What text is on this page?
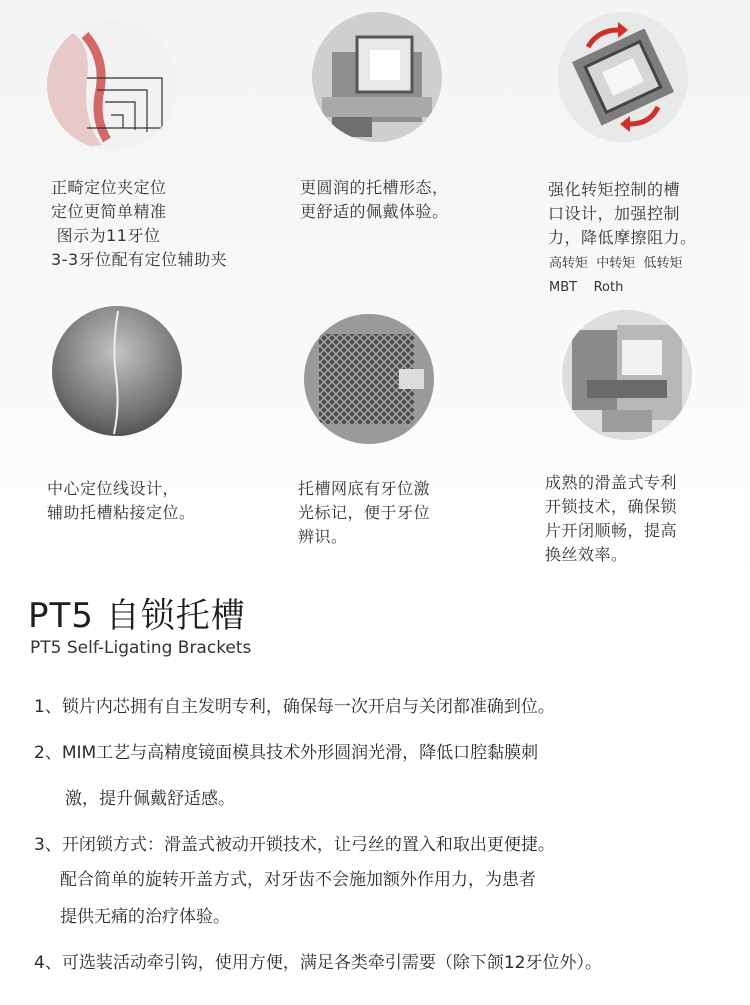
正畸定位夹定位
定位更简单精准
图示为11牙位
3-3牙位配有定位辅助夹
更圆润的托槽形态，
更舒适的佩戴体验。
强化转矩控制的槽
口设计，加强控制
力，降低摩擦阻力。
高转矩  中转矩  低转矩
MBT    Roth
中心定位线设计，
辅助托槽粘接定位。
托槽网底有牙位激
光标记，便于牙位
辨识。
成熟的滑盖式专利
开锁技术，确保锁
片开闭顺畅，提高
换丝效率。
PT5 自锁托槽
PT5 Self-Ligating Brackets
1、锁片内芯拥有自主发明专利，确保每一次开启与关闭都准确到位。
2、MIM工艺与高精度镜面模具技术外形圆润光滑，降低口腔黏膜刺
激，提升佩戴舒适感。
3、开闭锁方式：滑盖式被动开锁技术，让弓丝的置入和取出更便捷。
配合简单的旋转开盖方式，对牙齿不会施加额外作用力，为患者
提供无痛的治疗体验。
4、可选装活动牵引钩，使用方便，满足各类牵引需要（除下颌12牙位外）。
